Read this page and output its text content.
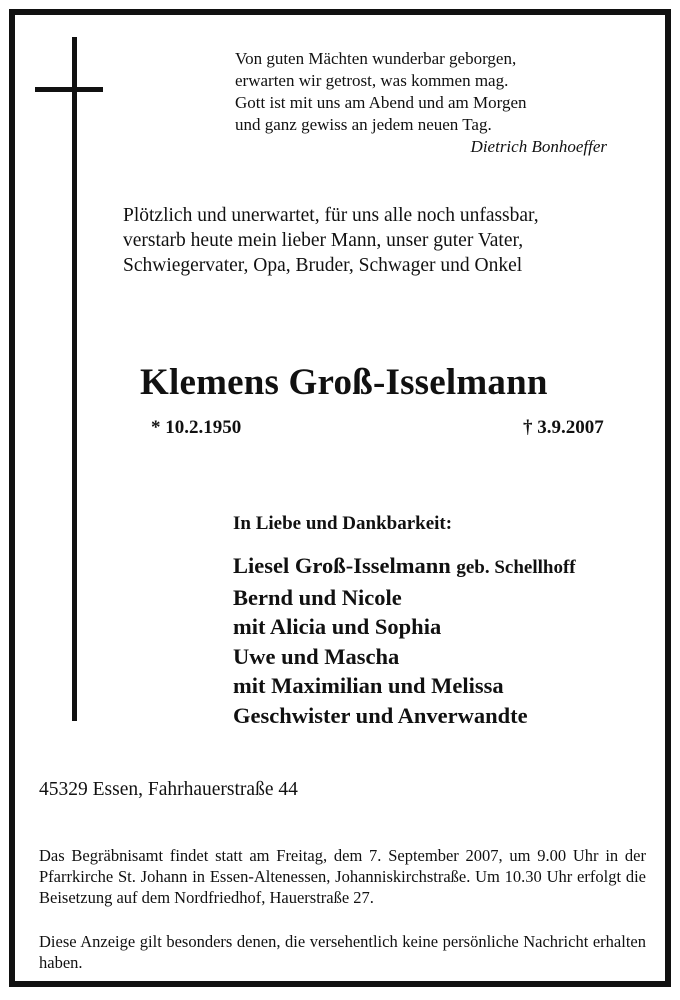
Von guten Mächten wunderbar geborgen,
erwarten wir getrost, was kommen mag.
Gott ist mit uns am Abend und am Morgen
und ganz gewiss an jedem neuen Tag.
Dietrich Bonhoeffer
Plötzlich und unerwartet, für uns alle noch unfassbar,
verstarb heute mein lieber Mann, unser guter Vater,
Schwiegervater, Opa, Bruder, Schwager und Onkel
Klemens Groß-Isselmann
* 10.2.1950	† 3.9.2007
In Liebe und Dankbarkeit:
Liesel Groß-Isselmann geb. Schellhoff
Bernd und Nicole
mit Alicia und Sophia
Uwe und Mascha
mit Maximilian und Melissa
Geschwister und Anverwandte
45329 Essen, Fahrhauerstraße 44
Das Begräbnisamt findet statt am Freitag, dem 7. September 2007, um 9.00 Uhr in der Pfarrkirche St. Johann in Essen-Altenessen, Johanniskirchstraße. Um 10.30 Uhr erfolgt die Beisetzung auf dem Nordfriedhof, Hauerstraße 27.
Diese Anzeige gilt besonders denen, die versehentlich keine persönliche Nachricht erhalten haben.
